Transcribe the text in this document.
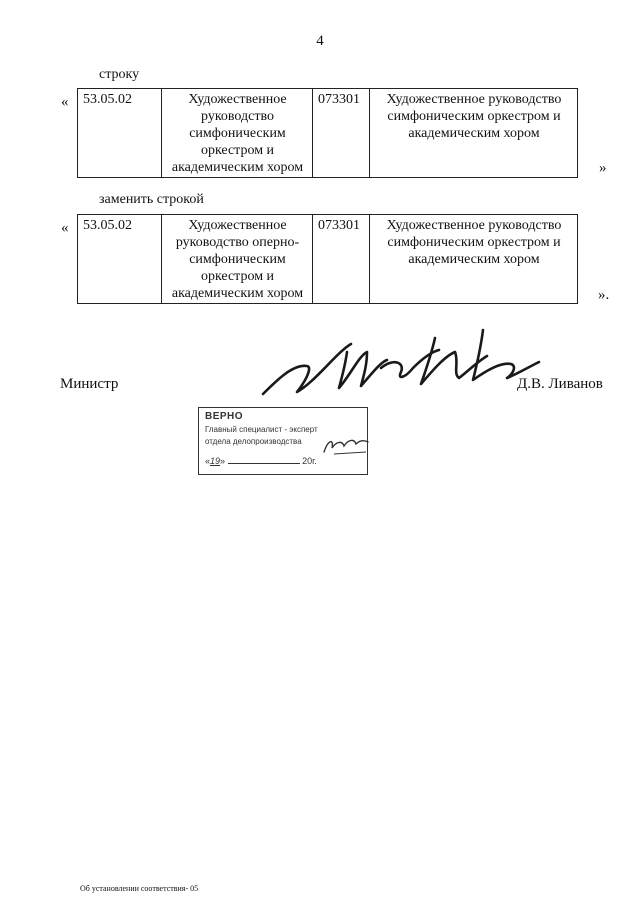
4
строку
« 53.05.02	Художественное
руководство
симфоническим
оркестром и
академическим хором
	073301	Художественное руководство
симфоническим оркестром и
академическим хором
»
заменить строкой
« 53.05.02	Художественное
руководство оперно-
симфоническим
оркестром и
академическим хором
	073301	Художественное руководство
симфоническим оркестром и
академическим хором
».
Министр	Д.В. Ливанов
ВЕРНО
Главный специалист - эксперт
отдела делопроизводства
«19»	20г.
Об установлении соответствия- 05
